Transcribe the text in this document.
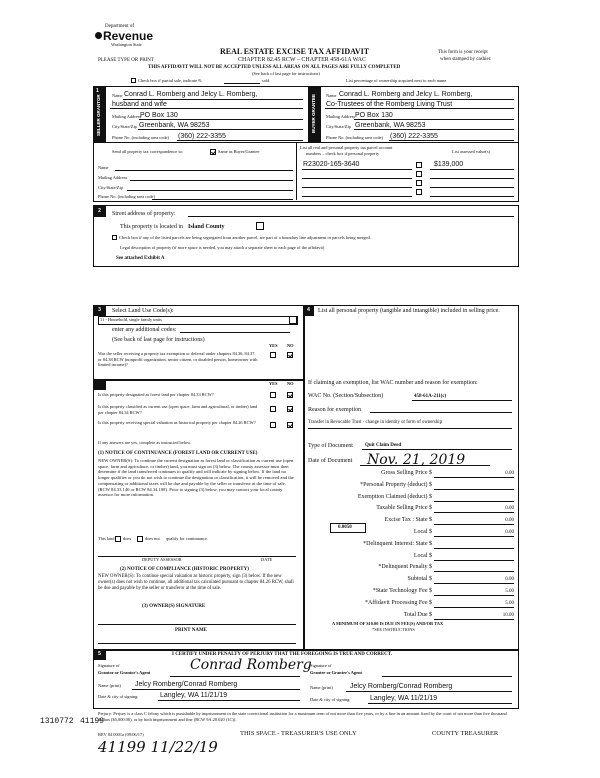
Department of
Revenue
Washington State
REAL ESTATE EXCISE TAX AFFIDAVIT
CHAPTER 82.45 RCW – CHAPTER 458-61A WAC
THIS AFFIDAVIT WILL NOT BE ACCEPTED UNLESS ALL AREAS ON ALL PAGES ARE FULLY COMPLETED
PLEASE TYPE OR PRINT
This form is your receipt
when stamped by cashier.
(See back of last page for instructions)
Check box if partial sale, indicate %	sold.	List percentage of ownership acquired next to each name.
1
SELLER GRANTOR	Name Conrad L. Romberg and Jelcy L. Romberg,
husband and wife
Mailing Address
PO Box 130
City/State/Zip Greenbank, WA 98253
Phone No. (including area code) (360) 222-3355
BUYER GRANTEE Name Conrad L. Romberg and Jelcy L. Romberg,
Co-Trustees of the Romberg Living Trust
Mailing Address PO Box 130
City/State/Zip Greenbank, WA 98253
Phone No. (including area code) (360) 222-3355
Send all property tax correspondence to:	Same as Buyer/Grantee
Name
Mailing Address
City/State/Zip
Phone No. (including area code)
List all real and personal property tax parcel account
numbers – check box if personal property	List assessed value(s)
R23020-165-3640	$139,000
2	Street address of property:
This property is located in Island County
Check box if any of the listed parcels are being segregated from another parcel, are part of a boundary line adjustment or parcels being merged.
Legal description of property (if more space is needed, you may attach a separate sheet to each page of the affidavit)
See attached Exhibit A
3	Select Land Use Code(s):
11 - Household, single family units
enter any additional codes:
(See back of last page for instructions)
YES NO
Was the seller receiving a property tax exemption or deferral under chapters 84.36, 84.37, or 84.38 RCW (nonprofit organization, senior citizen, or disabled person, homeowner with limited income)?
YES NO
Is this property designated as forest land per chapter 84.33 RCW?
Is this property classified as current use (open space, farm and agricultural, or timber) land per chapter 84.34 RCW?
Is this property receiving special valuation as historical property per chapter 84.26 RCW?
If any answers are yes, complete as instructed below.
(1) NOTICE OF CONTINUANCE (FOREST LAND OR CURRENT USE)
NEW OWNER(S): To continue the current designation as forest land or classification as current use (open space, farm and agriculture, or timber) land, you must sign on (3) below. The county assessor must then determine if the land transferred continues to qualify and will indicate by signing below. If the land no longer qualifies or you do not wish to continue the designation or classification, it will be removed and the compensating or additional taxes will be due and payable by the seller or transferor at the time of sale. (RCW 84.33.140 or RCW 84.34.108). Prior to signing (3) below, you may contact your local county assessor for more information.
This land does	does not qualify for continuance.
DEPUTY ASSESSOR	DATE
(2) NOTICE OF COMPLIANCE (HISTORIC PROPERTY)
NEW OWNER(S): To continue special valuation as historic property, sign (3) below. If the new owner(s) does not wish to continue, all additional tax calculated pursuant to chapter 84.26 RCW, shall be due and payable by the seller or transferor at the time of sale.
(3) OWNER(S) SIGNATURE
PRINT NAME
4	List all personal property (tangible and intangible) included in selling price.
If claiming an exemption, list WAC number and reason for exemption:
WAC No. (Section/Subsection)	458-61A-211(c)
Reason for exemption
Transfer in Revocable Trust - change in identity or form of ownership
Type of Document Quit Claim Deed
Date of Document Nov. 21, 2019
Gross Selling Price $	0.00
*Personal Property (deduct) $
Exemption Claimed (deduct) $
Taxable Selling Price $	0.00
Excise Tax : State $	0.00
Local $	0.00
*Delinquent Interest: State $
Local $
*Delinquent Penalty $
Subtotal $	0.00
*State Technology Fee $	5.00
*Affidavit Processing Fee $	5.00
Total Due $	10.00
0.0050
A MINIMUM OF $10.00 IS DUE IN FEE(S) AND/OR TAX
*SEE INSTRUCTIONS
5	I CERTIFY UNDER PENALTY OF PERJURY THAT THE FOREGOING IS TRUE AND CORRECT.
Signature of
Grantor or Grantor's Agent	Conrad Romberg
Name (print) Jelcy Romberg/Conrad Romberg
Date & city of signing:	Langley, WA 11/21/19
Signature of
Grantee or Grantee's Agent
Name (print) Jelcy Romberg/Conrad Romberg
Date & city of signing:	Langley, WA 11/21/19
Perjury: Perjury is a class C felony which is punishable by imprisonment in the state correctional institution for a maximum term of not more than five years, or by a fine in an amount fixed by the court of not more than five thousand dollars ($5,000.00), or by both imprisonment and fine (RCW 9A.20.020 (1C)).
1310772 41199
REV 84 0001a (09/06/17)	THIS SPACE - TREASURER'S USE ONLY	COUNTY TREASURER
41199 11/22/19
